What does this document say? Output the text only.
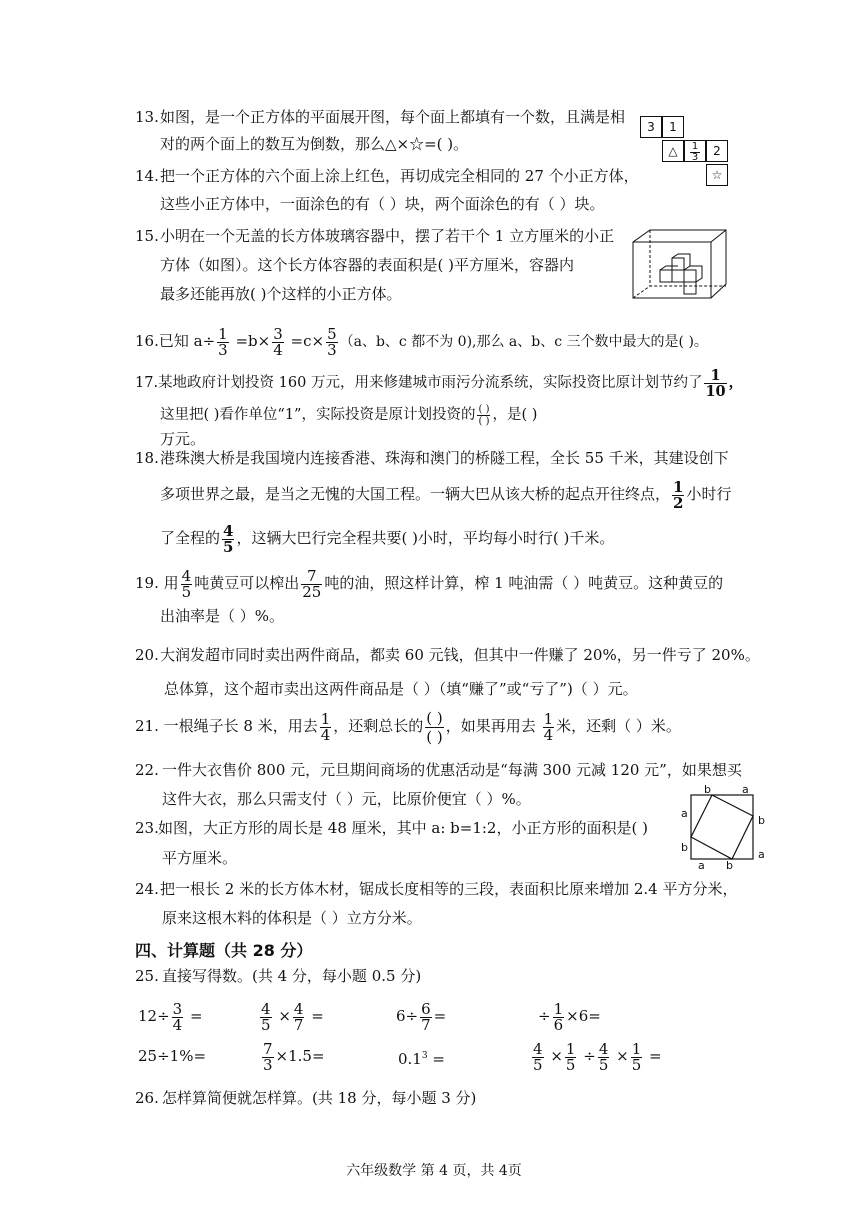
13. 如图，是一个正方体的平面展开图，每个面上都填有一个数，且满是相
对的两个面上的数互为倒数，那么△×☆=( )。
3	1
△ $\frac{1}{3} 2$
☆
14. 把一个正方体的六个面上涂上红色，再切成完全相同的 27 个小正方体，
这些小正方体中，一面涂色的有（ ）块，两个面涂色的有（ ）块。
15. 小明在一个无盖的长方体玻璃容器中，摆了若干个 1 立方厘米的小正
方体（如图）。这个长方体容器的表面积是( )平方厘米，容器内
最多还能再放( )个这样的小正方体。
16.已知 $a\div \frac{1}{3} =b\times \frac{3}{4} =c\times \frac{5}{3} (a$、b、c 都不为 0),那么 a、b、c 三个数中最大的是( )。
17.某地政府计划投资 160 万元，用来修建城市雨污分流系统，实际投资比原计划节约了 $\frac{1}{10}$ ，
这里把( )看作单位“1”，实际投资是原计划投资的 ( )
( ) ，是( )
万元。
18. 港珠澳大桥是我国境内连接香港、珠海和澳门的桥隧工程，全长 55 千米，其建设创下
多项世界之最，是当之无愧的大国工程。一辆大巴从该大桥的起点开往终点， $\frac{1}{2}$ 小时行
了全程的 $\frac{4}{5}$ ，这辆大巴行完全程共要( )小时，平均每小时行( )千米。
19. 用 $\frac{4}{5}$ 吨黄豆可以榨出 $\frac{7}{25}$ 吨的油，照这样计算，榨 1 吨油需（ ）吨黄豆。这种黄豆的
出油率是（ ）%。
20. 大润发超市同时卖出两件商品，都卖 60 元钱，但其中一件赚了 20%，另一件亏了 20%。
总体算，这个超市卖出这两件商品是（ ）（填“赚了”或“亏了”)（ ）元。
21. 一根绳子长 8 米，用去 $\frac{1}{4}$ ，还剩总长的 ( )
( )
，如果再用去 $\frac{1}{4}$ 米，还剩（ ）米。
22. 一件大衣售价 800 元，元旦期间商场的优惠活动是“每满 300 元减 120 元”，如果想买
这件大衣，那么只需支付（ ）元，比原价便宜（ ）%。
23. 如图，大正方形的周长是 48 厘米，其中 a: b=1:2，小正方形的面积是( )
平方厘米。
b	a
a
b
b
a
a b
24. 把一根长 2 米的长方体木材，锯成长度相等的三段，表面积比原来增加 2.4 平方分米，
原来这根木料的体积是（ ）立方分米。
四、计算题（共 28 分）
25. 直接写得数。(共 4 分，每小题 0.5 分)
$12\div \frac{3}{4}$ =	$\frac{4}{5} \times \frac{4}{7}$ =	$6\div \frac{6}{7}$ =	÷ $\frac{1}{6} \times 6=$
25÷1%=	$\frac{7}{3} \times 1.5=$	$0.1^3$ =	$\frac{4}{5} \times \frac{1}{5} \div \frac{4}{5} \times \frac{1}{5}$ =
26. 怎样算简便就怎样算。(共 18 分，每小题 3 分)
六年级数学 第 4 页，共 4页
